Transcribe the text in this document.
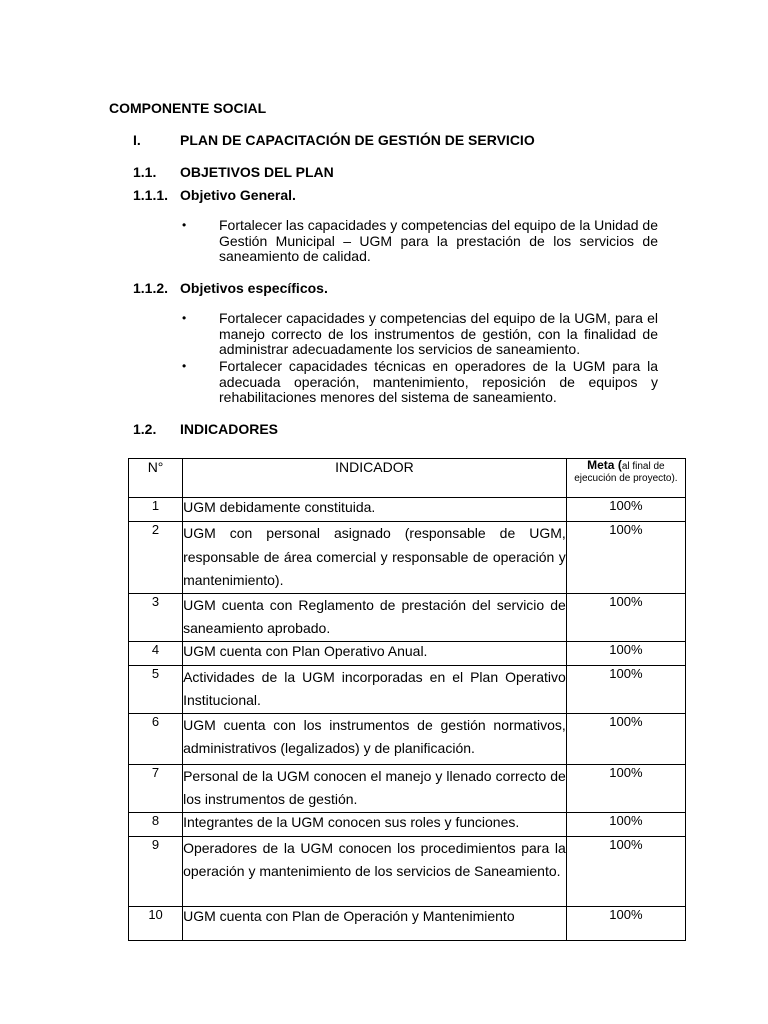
COMPONENTE SOCIAL
I.	PLAN DE CAPACITACIÓN DE GESTIÓN DE SERVICIO
1.1. OBJETIVOS DEL PLAN
1.1.1. Objetivo General.
• Fortalecer las capacidades y competencias del equipo de la Unidad de Gestión Municipal – UGM para la prestación de los servicios de saneamiento de calidad.
1.1.2. Objetivos específicos.
• Fortalecer capacidades y competencias del equipo de la UGM, para el manejo correcto de los instrumentos de gestión, con la finalidad de administrar adecuadamente los servicios de saneamiento.
• Fortalecer capacidades técnicas en operadores de la UGM para la adecuada operación, mantenimiento, reposición de equipos y rehabilitaciones menores del sistema de saneamiento.
1.2. INDICADORES
N°	INDICADOR	Meta (al final de ejecución de proyecto).
1	UGM debidamente constituida.	100%
2	UGM con personal asignado (responsable de UGM, responsable de área comercial y responsable de operación y mantenimiento).	100%
3	UGM cuenta con Reglamento de prestación del servicio de saneamiento aprobado.	100%
4	UGM cuenta con Plan Operativo Anual.	100%
5	Actividades de la UGM incorporadas en el Plan Operativo Institucional.	100%
6	UGM cuenta con los instrumentos de gestión normativos, administrativos (legalizados) y de planificación.	100%
7	Personal de la UGM conocen el manejo y llenado correcto de los instrumentos de gestión.	100%
8	Integrantes de la UGM conocen sus roles y funciones.	100%
9	Operadores de la UGM conocen los procedimientos para la operación y mantenimiento de los servicios de Saneamiento.	100%
10	UGM cuenta con Plan de Operación y Mantenimiento	100%
